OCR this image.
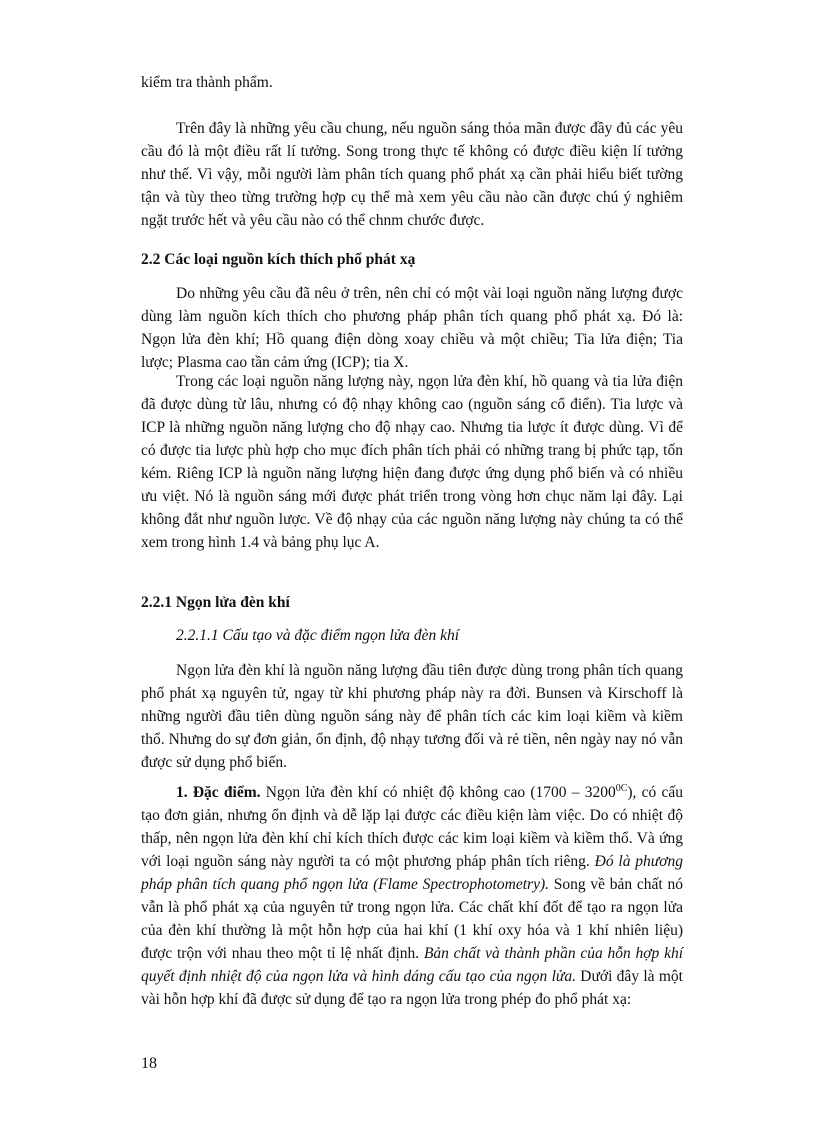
kiểm tra thành phẩm.

Trên đây là những yêu cầu chung, nếu nguồn sáng thỏa mãn được đầy đủ các yêu
cầu đó là một điều rất lí tưởng. Song trong thực tế không có được điều kiện lí tưởng
như thế. Vì vậy, mỗi người làm phân tích quang phổ phát xạ cần phải hiểu biết tường
tận và tùy theo từng trường hợp cụ thể mà xem yêu cầu nào cần được chú ý nghiêm
ngặt trước hết và yêu cầu nào có thể chnm chước được.

2.2 Các loại nguồn kích thích phổ phát xạ

Do những yêu cầu đã nêu ở trên, nên chỉ có một vài loại nguồn năng lượng được
dùng làm nguồn kích thích cho phương pháp phân tích quang phổ phát xạ. Đó là:
Ngọn lửa đèn khí; Hồ quang điện dòng xoay chiều và một chiều; Tia lửa điện; Tia
lược; Plasma cao tần cảm ứng (ICP); tia X.

Trong các loại nguồn năng lượng này, ngọn lửa đèn khí, hồ quang và tia lửa điện
đã được dùng từ lâu, nhưng có độ nhạy không cao (nguồn sáng cổ điển). Tia lược và
ICP là những nguồn năng lượng cho độ nhạy cao. Nhưng tia lược ít được dùng. Vì để
có được tia lược phù hợp cho mục đích phân tích phải có những trang bị phức tạp, tốn
kém. Riêng ICP là nguồn năng lượng hiện đang được ứng dụng phổ biến và có nhiều
ưu việt. Nó là nguồn sáng mới được phát triển trong vòng hơn chục năm lại đây. Lại
không đắt như nguồn lược. Về độ nhạy của các nguồn năng lượng này chúng ta có thể
xem trong hình 1.4 và bảng phụ lục A.

2.2.1 Ngọn lửa đèn khí

2.2.1.1 Cấu tạo và đặc điểm ngọn lửa đèn khí

Ngọn lửa đèn khí là nguồn năng lượng đầu tiên được dùng trong phân tích quang
phổ phát xạ nguyên tử, ngay từ khi phương pháp này ra đời. Bunsen và Kirschoff là
những người đầu tiên dùng nguồn sáng này để phân tích các kim loại kiềm và kiềm
thổ. Nhưng do sự đơn giản, ổn định, độ nhạy tương đối và rẻ tiền, nên ngày nay nó vẫn
được sử dụng phổ biến.

1. Đặc điểm. Ngọn lửa đèn khí có nhiệt độ không cao $(1700 - 3200^{0C})$, có cấu
tạo đơn giản, nhưng ổn định và dễ lặp lại được các điều kiện làm việc. Do có nhiệt độ
thấp, nên ngọn lửa đèn khí chỉ kích thích được các kim loại kiềm và kiềm thổ. Và ứng
với loại nguồn sáng này người ta có một phương pháp phân tích riêng. Đó là phương
pháp phân tích quang phổ ngọn lửa (Flame Spectrophotometry). Song về bản chất nó
vẫn là phổ phát xạ của nguyên tử trong ngọn lửa. Các chất khí đốt để tạo ra ngọn lửa
của đèn khí thường là một hỗn hợp của hai khí (1 khí oxy hóa và 1 khí nhiên liệu)
được trộn với nhau theo một tỉ lệ nhất định. Bản chất và thành phần của hỗn hợp khí
quyết định nhiệt độ của ngọn lửa và hình dáng cấu tạo của ngọn lửa. Dưới đây là một
vài hỗn hợp khí đã được sử dụng để tạo ra ngọn lửa trong phép đo phổ phát xạ:

18
